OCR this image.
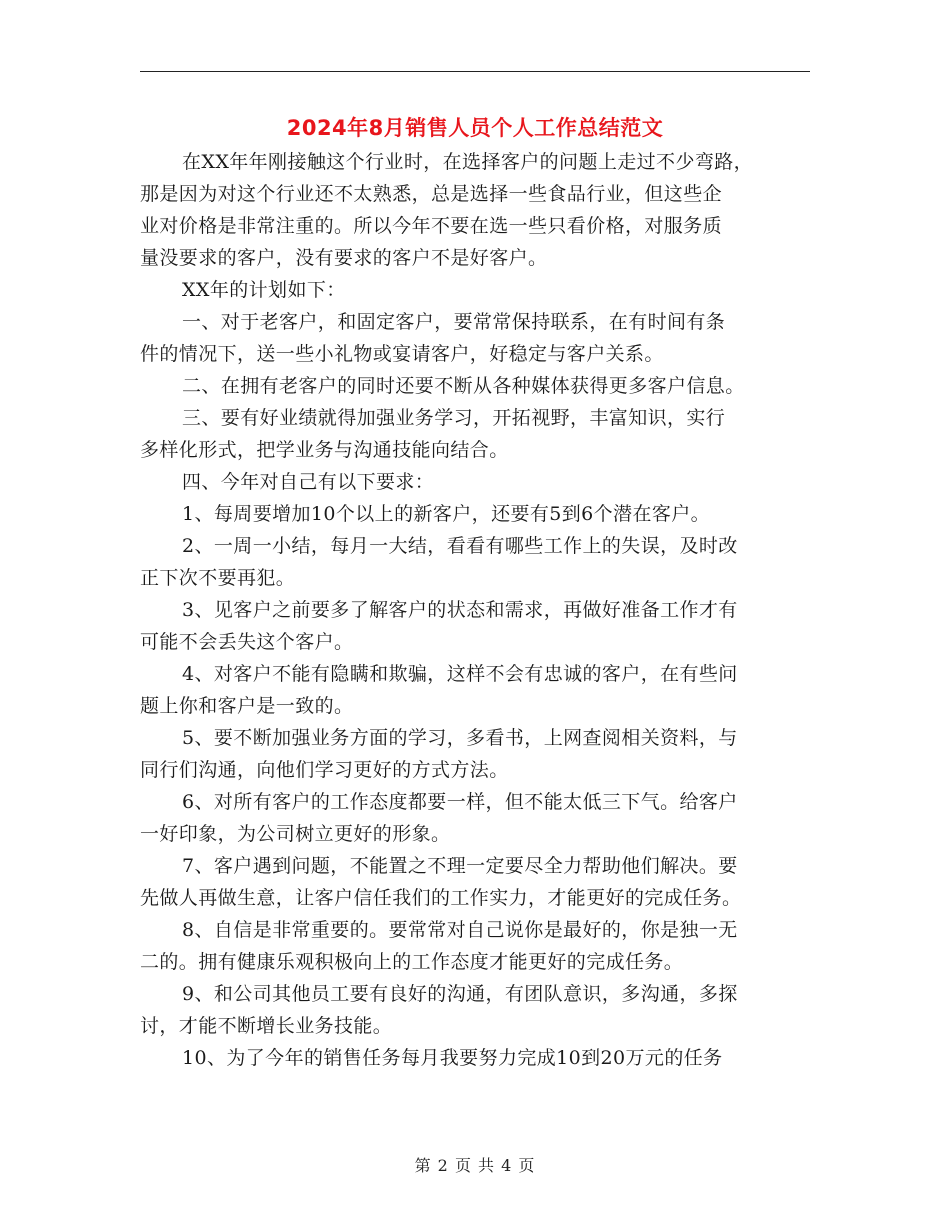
2024年8月销售人员个人工作总结范文
在XX年年刚接触这个行业时，在选择客户的问题上走过不少弯路，
那是因为对这个行业还不太熟悉，总是选择一些食品行业，但这些企
业对价格是非常注重的。所以今年不要在选一些只看价格，对服务质
量没要求的客户，没有要求的客户不是好客户。
XX年的计划如下：
一、对于老客户，和固定客户，要常常保持联系，在有时间有条
件的情况下，送一些小礼物或宴请客户，好稳定与客户关系。
二、在拥有老客户的同时还要不断从各种媒体获得更多客户信息。
三、要有好业绩就得加强业务学习，开拓视野，丰富知识，实行
多样化形式，把学业务与沟通技能向结合。
四、今年对自己有以下要求：
1、每周要增加10个以上的新客户，还要有5到6个潜在客户。
2、一周一小结，每月一大结，看看有哪些工作上的失误，及时改
正下次不要再犯。
3、见客户之前要多了解客户的状态和需求，再做好准备工作才有
可能不会丢失这个客户。
4、对客户不能有隐瞒和欺骗，这样不会有忠诚的客户，在有些问
题上你和客户是一致的。
5、要不断加强业务方面的学习，多看书，上网查阅相关资料，与
同行们沟通，向他们学习更好的方式方法。
6、对所有客户的工作态度都要一样，但不能太低三下气。给客户
一好印象，为公司树立更好的形象。
7、客户遇到问题，不能置之不理一定要尽全力帮助他们解决。要
先做人再做生意，让客户信任我们的工作实力，才能更好的完成任务。
8、自信是非常重要的。要常常对自己说你是最好的，你是独一无
二的。拥有健康乐观积极向上的工作态度才能更好的完成任务。
9、和公司其他员工要有良好的沟通，有团队意识，多沟通，多探
讨，才能不断增长业务技能。
10、为了今年的销售任务每月我要努力完成10到20万元的任务
第 2 页 共 4 页
